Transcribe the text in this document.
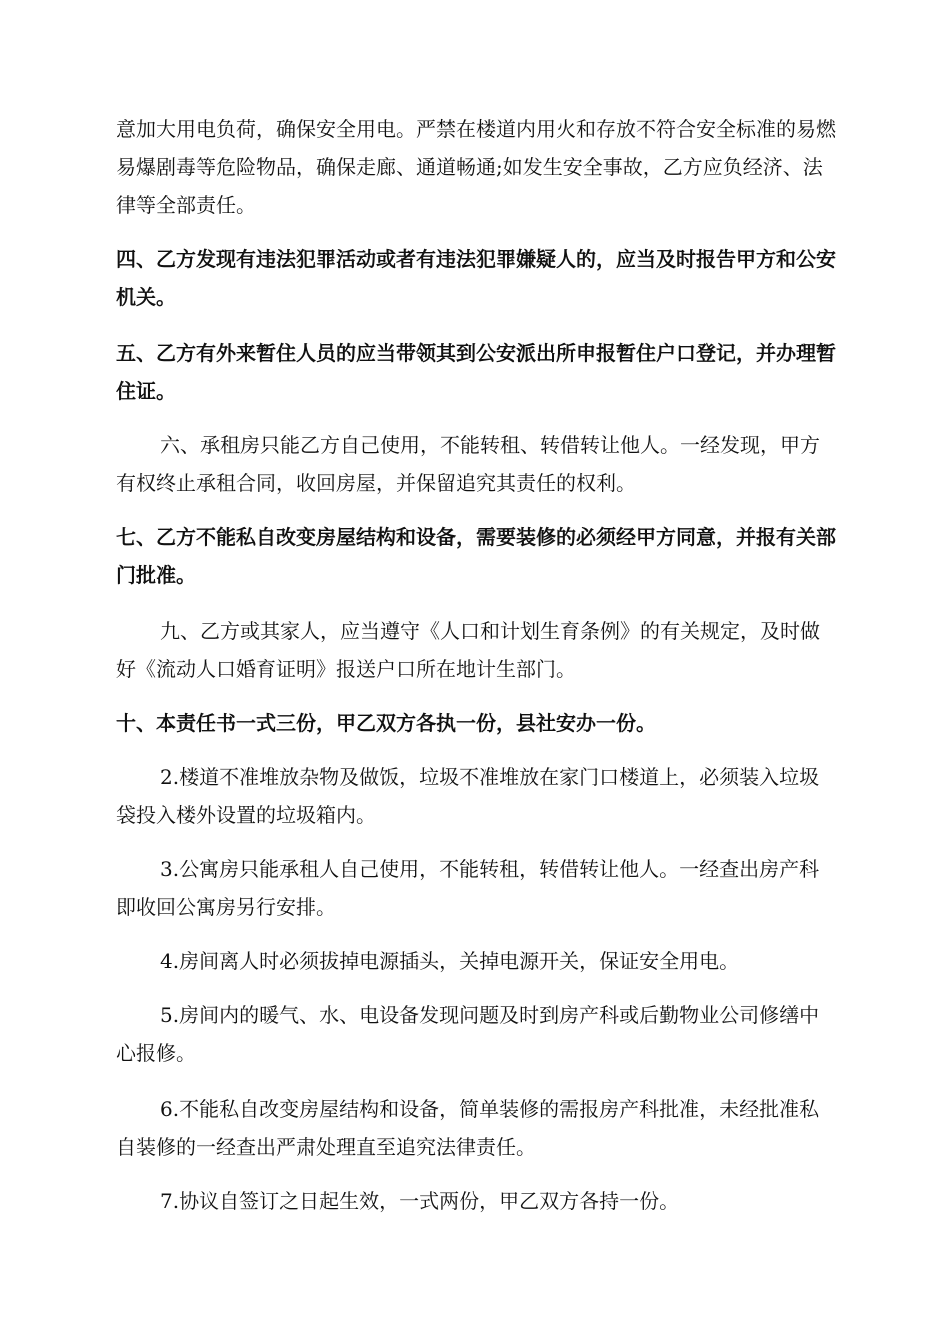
意加大用电负荷，确保安全用电。严禁在楼道内用火和存放不符合安全标准的易燃易爆剧毒等危险物品，确保走廊、通道畅通;如发生安全事故，乙方应负经济、法律等全部责任。

四、乙方发现有违法犯罪活动或者有违法犯罪嫌疑人的，应当及时报告甲方和公安机关。

五、乙方有外来暂住人员的应当带领其到公安派出所申报暂住户口登记，并办理暂住证。

六、承租房只能乙方自己使用，不能转租、转借转让他人。一经发现，甲方有权终止承租合同，收回房屋，并保留追究其责任的权利。

七、乙方不能私自改变房屋结构和设备，需要装修的必须经甲方同意，并报有关部门批准。

九、乙方或其家人，应当遵守《人口和计划生育条例》的有关规定，及时做好《流动人口婚育证明》报送户口所在地计生部门。

十、本责任书一式三份，甲乙双方各执一份，县社安办一份。

2.楼道不准堆放杂物及做饭，垃圾不准堆放在家门口楼道上，必须装入垃圾袋投入楼外设置的垃圾箱内。

3.公寓房只能承租人自己使用，不能转租，转借转让他人。一经查出房产科即收回公寓房另行安排。

4.房间离人时必须拔掉电源插头，关掉电源开关，保证安全用电。

5.房间内的暖气、水、电设备发现问题及时到房产科或后勤物业公司修缮中心报修。

6.不能私自改变房屋结构和设备，简单装修的需报房产科批准，未经批准私自装修的一经查出严肃处理直至追究法律责任。

7.协议自签订之日起生效，一式两份，甲乙双方各持一份。
